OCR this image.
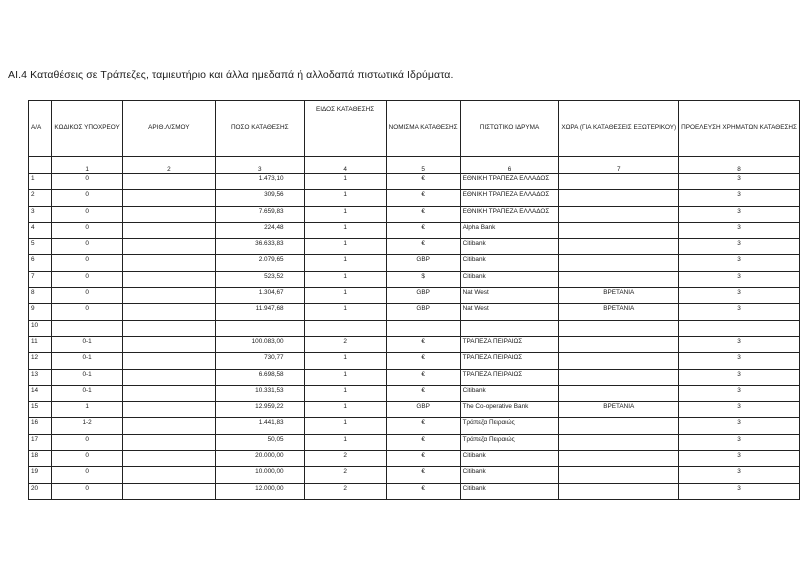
ΑΙ.4 Καταθέσεις σε Τράπεζες, ταμιευτήριο και άλλα ημεδαπά ή αλλοδαπά πιστωτικά Ιδρύματα.
Α/Α	ΚΩΔΙΚΟΣ ΥΠΟΧΡΕΟΥ	ΑΡΙΘ.Λ/ΣΜΟΥ	ΠΟΣΟ ΚΑΤΑΘΕΣΗΣ	ΕΙΔΟΣ ΚΑΤΑΘΕΣΗΣ	ΝΟΜΙΣΜΑ ΚΑΤΑΘΕΣΗΣ	ΠΙΣΤΩΤΙΚΟ ΙΔΡΥΜΑ	ΧΩΡΑ (ΓΙΑ ΚΑΤΑΘΕΣΕΙΣ ΕΞΩΤΕΡΙΚΟΥ)	ΠΡΟΕΛΕΥΣΗ ΧΡΗΜΑΤΩΝ ΚΑΤΑΘΕΣΗΣ
	1	2	3	4	5	6	7	8
1	0		1.473,10	1	€	ΕΘΝΙΚΗ ΤΡΑΠΕΖΑ ΕΛΛΑΔΟΣ		3
2	0		309,56	1	€	ΕΘΝΙΚΗ ΤΡΑΠΕΖΑ ΕΛΛΑΔΟΣ		3
3	0		7.659,83	1	€	ΕΘΝΙΚΗ ΤΡΑΠΕΖΑ ΕΛΛΑΔΟΣ		3
4	0		224,48	1	€	Alpha Bank		3
5	0		36.633,83	1	€	Citibank		3
6	0		2.079,65	1	GBP	Citibank		3
7	0		523,52	1	$	Citibank		3
8	0		1.304,67	1	GBP	Nat West	ΒΡΕΤΑΝΙΑ	3
9	0		11.947,68	1	GBP	Nat West	ΒΡΕΤΑΝΙΑ	3
10								
11	0-1		100.083,00	2	€	ΤΡΑΠΕΖΑ ΠΕΙΡΑΙΩΣ		3
12	0-1		730,77	1	€	ΤΡΑΠΕΖΑ ΠΕΙΡΑΙΩΣ		3
13	0-1		6.698,58	1	€	ΤΡΑΠΕΖΑ ΠΕΙΡΑΙΩΣ		3
14	0-1		10.331,53	1	€	Citibank		3
15	1		12.959,22	1	GBP	The Co-operative Bank	ΒΡΕΤΑΝΙΑ	3
16	1-2		1.441,83	1	€	Τράπεζα Πειραιώς		3
17	0		50,05	1	€	Τράπεζα Πειραιώς		3
18	0		20.000,00	2	€	Citibank		3
19	0		10.000,00	2	€	Citibank		3
20	0		12.000,00	2	€	Citibank		3
